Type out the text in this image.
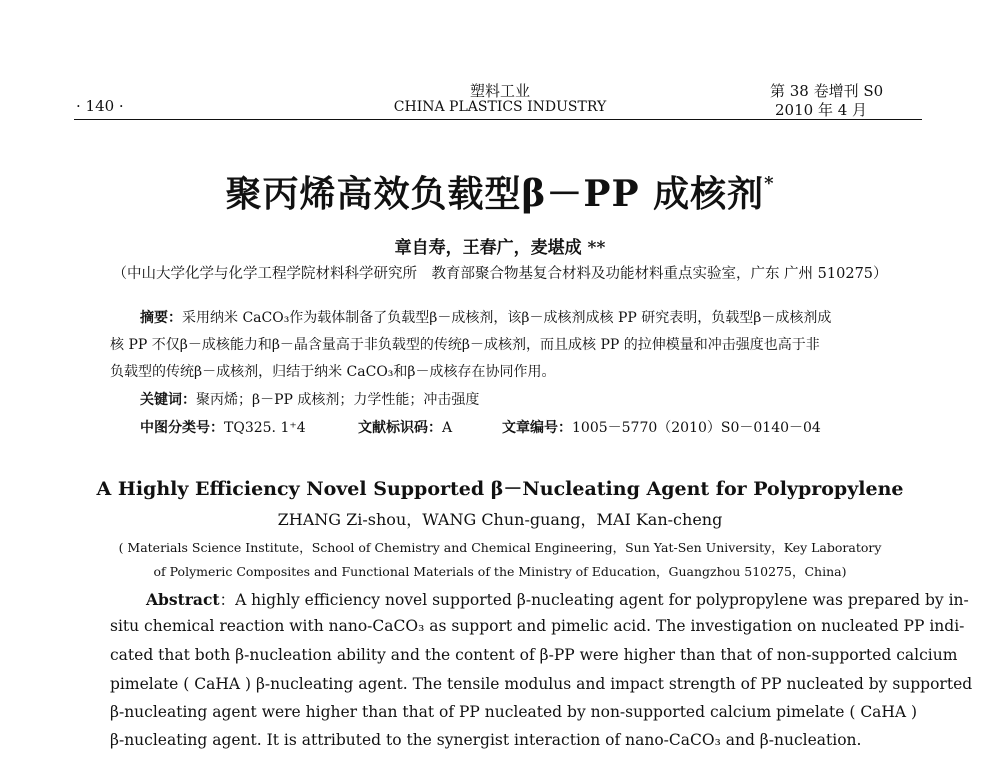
· 140 ·
塑料工业
CHINA PLASTICS INDUSTRY
第 38 卷增刊 S0
2010 年 4 月
聚丙烯高效负载型β－PP 成核剂*
章自寿，王春广，麦堪成 **
（中山大学化学与化学工程学院材料科学研究所　教育部聚合物基复合材料及功能材料重点实验室，广东 广州 510275）
摘要：采用纳米 CaCO₃作为载体制备了负载型β－成核剂，该β－成核剂成核 PP 研究表明，负载型β－成核剂成
核 PP 不仅β－成核能力和β－晶含量高于非负载型的传统β－成核剂，而且成核 PP 的拉伸模量和冲击强度也高于非
负载型的传统β－成核剂，归结于纳米 CaCO₃和β－成核存在协同作用。
关键词：聚丙烯；β－PP 成核剂；力学性能；冲击强度
中图分类号：TQ325. 1⁺4	文献标识码：A	文章编号：1005－5770（2010）S0－0140－04
A Highly Efficiency Novel Supported β－Nucleating Agent for Polypropylene
ZHANG Zi-shou，WANG Chun-guang，MAI Kan-cheng
( Materials Science Institute，School of Chemistry and Chemical Engineering，Sun Yat-Sen University，Key Laboratory
of Polymeric Composites and Functional Materials of the Ministry of Education，Guangzhou 510275，China)
Abstract：A highly efficiency novel supported β-nucleating agent for polypropylene was prepared by in-
situ chemical reaction with nano-CaCO₃ as support and pimelic acid. The investigation on nucleated PP indi-
cated that both β-nucleation ability and the content of β-PP were higher than that of non-supported calcium
pimelate ( CaHA ) β-nucleating agent. The tensile modulus and impact strength of PP nucleated by supported
β-nucleating agent were higher than that of PP nucleated by non-supported calcium pimelate ( CaHA )
β-nucleating agent. It is attributed to the synergist interaction of nano-CaCO₃ and β-nucleation.
